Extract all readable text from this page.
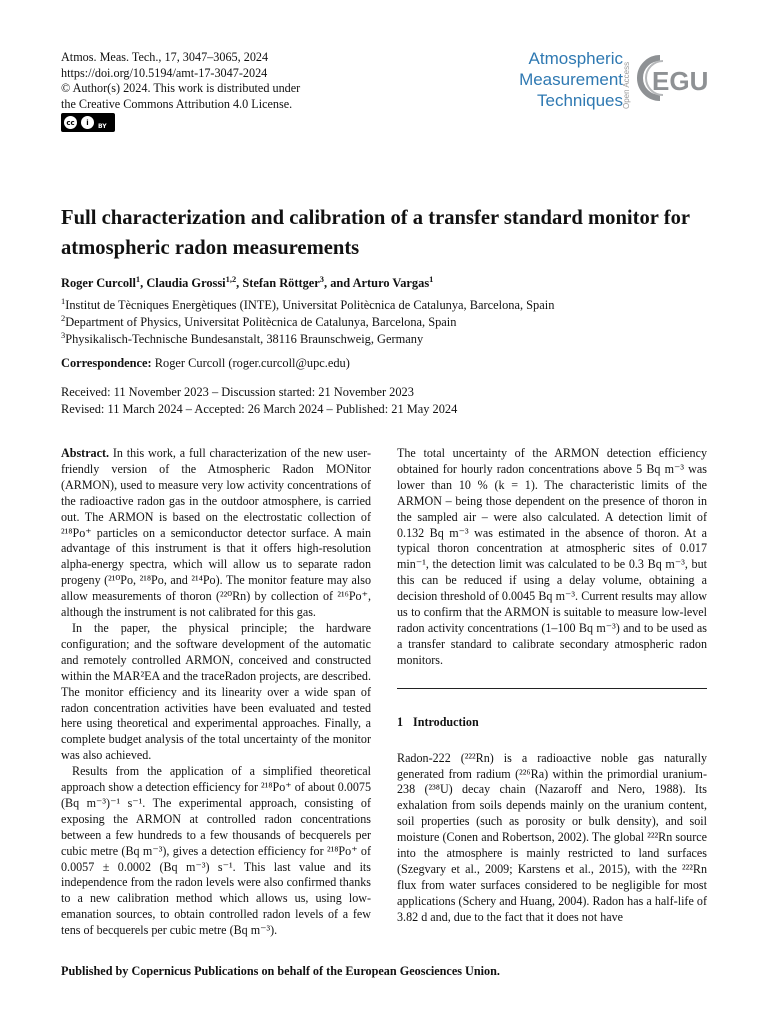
Atmos. Meas. Tech., 17, 3047–3065, 2024
https://doi.org/10.5194/amt-17-3047-2024
© Author(s) 2024. This work is distributed under
the Creative Commons Attribution 4.0 License.
cc	i	BY
Atmospheric
Measurement
Techniques Open Access EGU
Full characterization and calibration of a transfer standard monitor for atmospheric radon measurements
Roger Curcoll$^1$, Claudia Grossi$^{1,2}$, Stefan Röttger$^3$, and Arturo Vargas$^1$
$^1$Institut de Tècniques Energètiques (INTE), Universitat Politècnica de Catalunya, Barcelona, Spain
$^2$Department of Physics, Universitat Politècnica de Catalunya, Barcelona, Spain
$^3$Physikalisch-Technische Bundesanstalt, 38116 Braunschweig, Germany
Correspondence: Roger Curcoll (roger.curcoll@upc.edu)
Received: 11 November 2023 – Discussion started: 21 November 2023
Revised: 11 March 2024 – Accepted: 26 March 2024 – Published: 21 May 2024

Abstract. In this work, a full characterization of the new user-friendly version of the Atmospheric Radon MONitor (ARMON), used to measure very low activity concentrations of the radioactive radon gas in the outdoor atmosphere, is carried out. The ARMON is based on the electrostatic collection of ²¹⁸Po⁺ particles on a semiconductor detector surface. A main advantage of this instrument is that it offers high-resolution alpha-energy spectra, which will allow us to separate radon progeny (²¹⁰Po, ²¹⁸Po, and ²¹⁴Po). The monitor feature may also allow measurements of thoron (²²⁰Rn) by collection of ²¹⁶Po⁺, although the instrument is not calibrated for this gas.

In the paper, the physical principle; the hardware configuration; and the software development of the automatic and remotely controlled ARMON, conceived and constructed within the MAR²EA and the traceRadon projects, are described. The monitor efficiency and its linearity over a wide span of radon concentration activities have been evaluated and tested here using theoretical and experimental approaches. Finally, a complete budget analysis of the total uncertainty of the monitor was also achieved.

Results from the application of a simplified theoretical approach show a detection efficiency for ²¹⁸Po⁺ of about 0.0075 (Bq m⁻³)⁻¹ s⁻¹. The experimental approach, consisting of exposing the ARMON at controlled radon concentrations between a few hundreds to a few thousands of becquerels per cubic metre (Bq m⁻³), gives a detection efficiency for ²¹⁸Po⁺ of 0.0057 ± 0.0002 (Bq m⁻³) s⁻¹. This last value and its independence from the radon levels were also confirmed thanks to a new calibration method which allows us, using low-emanation sources, to obtain controlled radon levels of a few tens of becquerels per cubic metre (Bq m⁻³).

The total uncertainty of the ARMON detection efficiency obtained for hourly radon concentrations above 5 Bq m⁻³ was lower than 10 % (k = 1). The characteristic limits of the ARMON – being those dependent on the presence of thoron in the sampled air – were also calculated. A detection limit of 0.132 Bq m⁻³ was estimated in the absence of thoron. At a typical thoron concentration at atmospheric sites of 0.017 min⁻¹, the detection limit was calculated to be 0.3 Bq m⁻³, but this can be reduced if using a delay volume, obtaining a decision threshold of 0.0045 Bq m⁻³. Current results may allow us to confirm that the ARMON is suitable to measure low-level radon activity concentrations (1–100 Bq m⁻³) and to be used as a transfer standard to calibrate secondary atmospheric radon monitors.

1 Introduction

Radon-222 (²²²Rn) is a radioactive noble gas naturally generated from radium (²²⁶Ra) within the primordial uranium-238 (²³⁸U) decay chain (Nazaroff and Nero, 1988). Its exhalation from soils depends mainly on the uranium content, soil properties (such as porosity or bulk density), and soil moisture (Conen and Robertson, 2002). The global ²²²Rn source into the atmosphere is mainly restricted to land surfaces (Szegvary et al., 2009; Karstens et al., 2015), with the ²²²Rn flux from water surfaces considered to be negligible for most applications (Schery and Huang, 2004). Radon has a half-life of 3.82 d and, due to the fact that it does not have

Published by Copernicus Publications on behalf of the European Geosciences Union.
